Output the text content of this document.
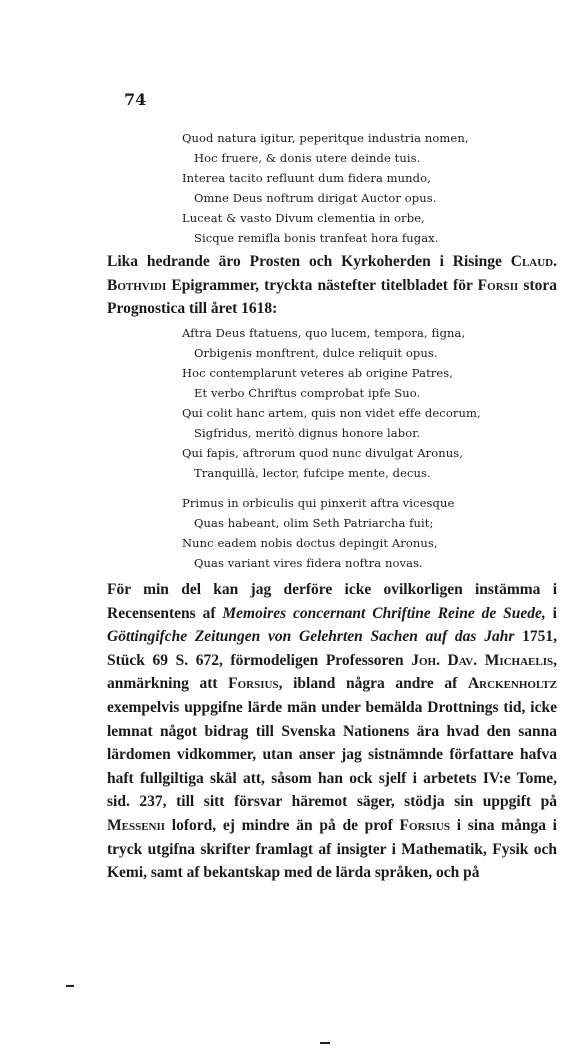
74
Quod natura igitur, peperitque industria nomen,
Hoc fruere, & donis utere deinde tuis.
Interea tacito refluunt dum fidera mundo,
Omne Deus noftrum dirigat Auctor opus.
Luceat & vasto Divum clementia in orbe,
Sicque remifla bonis tranfeat hora fugax.
Lika hedrande äro Prosten och Kyrkoherden i Risinge Claud. Bothvidi Epigrammer, tryckta nästefter titelbladet för Forsii stora Prognostica till året 1618:
Aftra Deus ftatuens, quo lucem, tempora, figna,
Orbigenis monftrent, dulce reliquit opus.
Hoc contemplarunt veteres ab origine Patres,
Et verbo Chriftus comprobat ipfe Suo.
Qui colit hanc artem, quis non videt effe decorum,
Sigfridus, meritò dignus honore labor.
Qui fapis, aftrorum quod nunc divulgat Aronus,
Tranquillà, lector, fufcipe mente, decus.
Primus in orbiculis qui pinxerit aftra vicesque
Quas habeant, olim Seth Patriarcha fuit;
Nunc eadem nobis doctus depingit Aronus,
Quas variant vires fidera noftra novas.
För min del kan jag derföre icke ovilkorligen instämma i Recensentens af Memoires concernant Chriftine Reine de Suede, i Göttingifche Zeitungen von Gelehrten Sachen auf das Jahr 1751, Stück 69 S. 672, förmodeligen Professoren Joh. Dav. Michaelis, anmärkning att Forsius, ibland några andre af Arckenholtz exempelvis uppgifne lärde män under bemälda Drottnings tid, icke lemnat något bidrag till Svenska Nationens ära hvad den sanna lärdomen vidkommer, utan anser jag sistnämnde författare hafva haft fullgiltiga skäl att, såsom han ock sjelf i arbetets IV:e Tome, sid. 237, till sitt försvar häremot säger, stödja sin uppgift på Messenii loford, ej mindre än på de prof Forsius i sina många i tryck utgifna skrifter framlagt af insigter i Mathematik, Fysik och Kemi, samt af bekantskap med de lärda språken, och på
